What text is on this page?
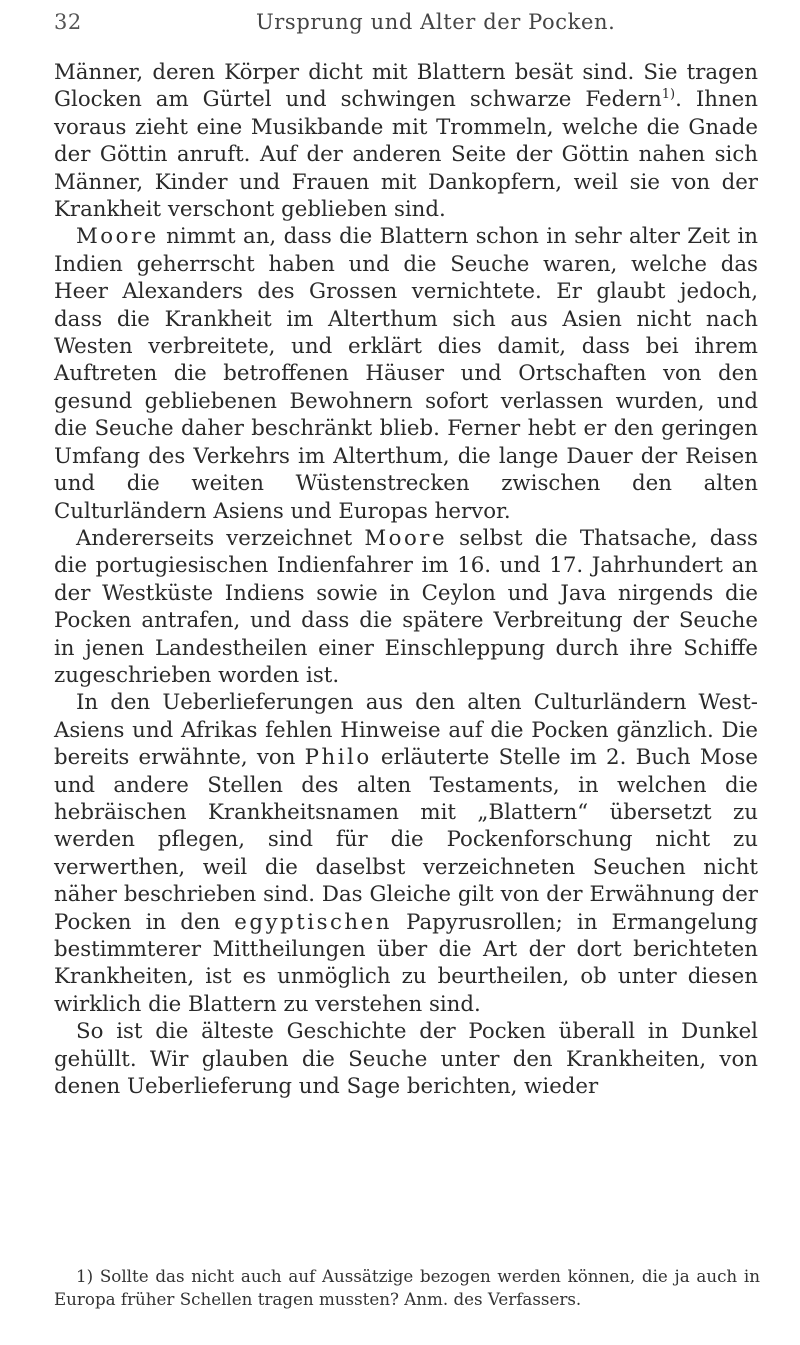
32	Ursprung und Alter der Pocken.

Männer, deren Körper dicht mit Blattern besät sind. Sie tragen Glocken am Gürtel und schwingen schwarze Federn$^{1)}$. Ihnen voraus zieht eine Musikbande mit Trommeln, welche die Gnade der Göttin anruft. Auf der anderen Seite der Göttin nahen sich Männer, Kinder und Frauen mit Dankopfern, weil sie von der Krankheit verschont geblieben sind.

Moore nimmt an, dass die Blattern schon in sehr alter Zeit in Indien geherrscht haben und die Seuche waren, welche das Heer Alexanders des Grossen vernichtete. Er glaubt jedoch, dass die Krankheit im Alterthum sich aus Asien nicht nach Westen verbreitete, und erklärt dies damit, dass bei ihrem Auftreten die betroffenen Häuser und Ortschaften von den gesund gebliebenen Bewohnern sofort verlassen wurden, und die Seuche daher beschränkt blieb. Ferner hebt er den geringen Umfang des Verkehrs im Alterthum, die lange Dauer der Reisen und die weiten Wüstenstrecken zwischen den alten Culturländern Asiens und Europas hervor.

Andererseits verzeichnet Moore selbst die Thatsache, dass die portugiesischen Indienfahrer im 16. und 17. Jahrhundert an der Westküste Indiens sowie in Ceylon und Java nirgends die Pocken antrafen, und dass die spätere Verbreitung der Seuche in jenen Landestheilen einer Einschleppung durch ihre Schiffe zugeschrieben worden ist.

In den Ueberlieferungen aus den alten Culturländern West-Asiens und Afrikas fehlen Hinweise auf die Pocken gänzlich. Die bereits erwähnte, von Philo erläuterte Stelle im 2. Buch Mose und andere Stellen des alten Testaments, in welchen die hebräischen Krankheitsnamen mit „Blattern“ übersetzt zu werden pflegen, sind für die Pockenforschung nicht zu verwerthen, weil die daselbst verzeichneten Seuchen nicht näher beschrieben sind. Das Gleiche gilt von der Erwähnung der Pocken in den egyptischen Papyrusrollen; in Ermangelung bestimmterer Mittheilungen über die Art der dort berichteten Krankheiten, ist es unmöglich zu beurtheilen, ob unter diesen wirklich die Blattern zu verstehen sind.

So ist die älteste Geschichte der Pocken überall in Dunkel gehüllt. Wir glauben die Seuche unter den Krankheiten, von denen Ueberlieferung und Sage berichten, wieder

1) Sollte das nicht auch auf Aussätzige bezogen werden können, die ja auch in Europa früher Schellen tragen mussten? Anm. des Verfassers.
